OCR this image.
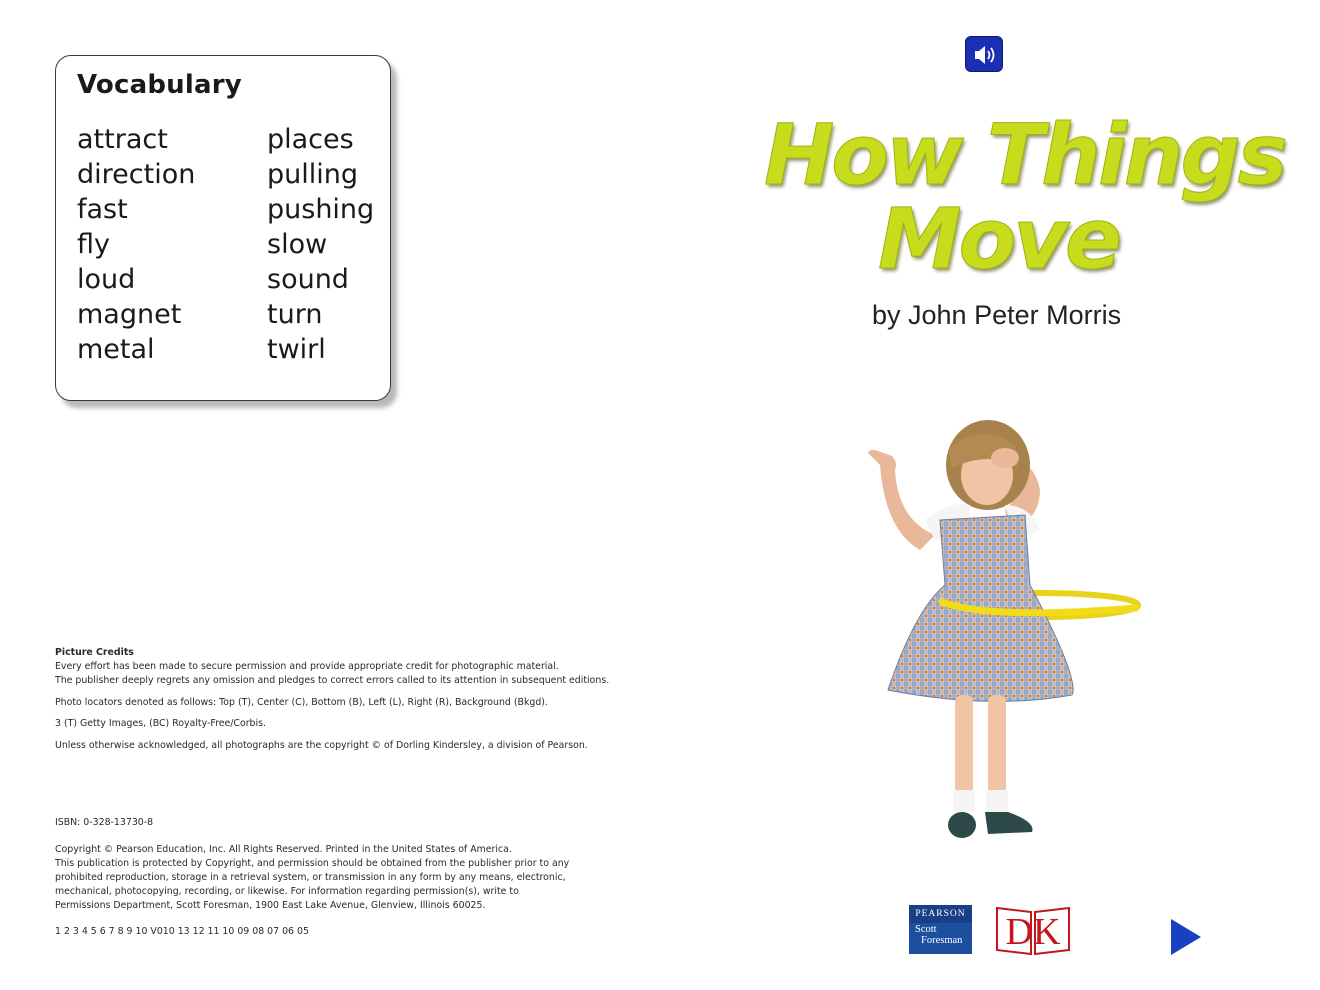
Vocabulary
attract
direction
fast
fly
loud
magnet
metal
places
pulling
pushing
slow
sound
turn
twirl
Picture Credits
Every effort has been made to secure permission and provide appropriate credit for photographic material.
The publisher deeply regrets any omission and pledges to correct errors called to its attention in subsequent editions.
Photo locators denoted as follows: Top (T), Center (C), Bottom (B), Left (L), Right (R), Background (Bkgd).
3 (T) Getty Images, (BC) Royalty-Free/Corbis.
Unless otherwise acknowledged, all photographs are the copyright © of Dorling Kindersley, a division of Pearson.
ISBN: 0-328-13730-8
Copyright © Pearson Education, Inc. All Rights Reserved. Printed in the United States of America.
This publication is protected by Copyright, and permission should be obtained from the publisher prior to any
prohibited reproduction, storage in a retrieval system, or transmission in any form by any means, electronic,
mechanical, photocopying, recording, or likewise. For information regarding permission(s), write to
Permissions Department, Scott Foresman, 1900 East Lake Avenue, Glenview, Illinois 60025.
1 2 3 4 5 6 7 8 9 10 V010 13 12 11 10 09 08 07 06 05
How Things
Move
by John Peter Morris
PEARSON
Scott
Foresman DK
